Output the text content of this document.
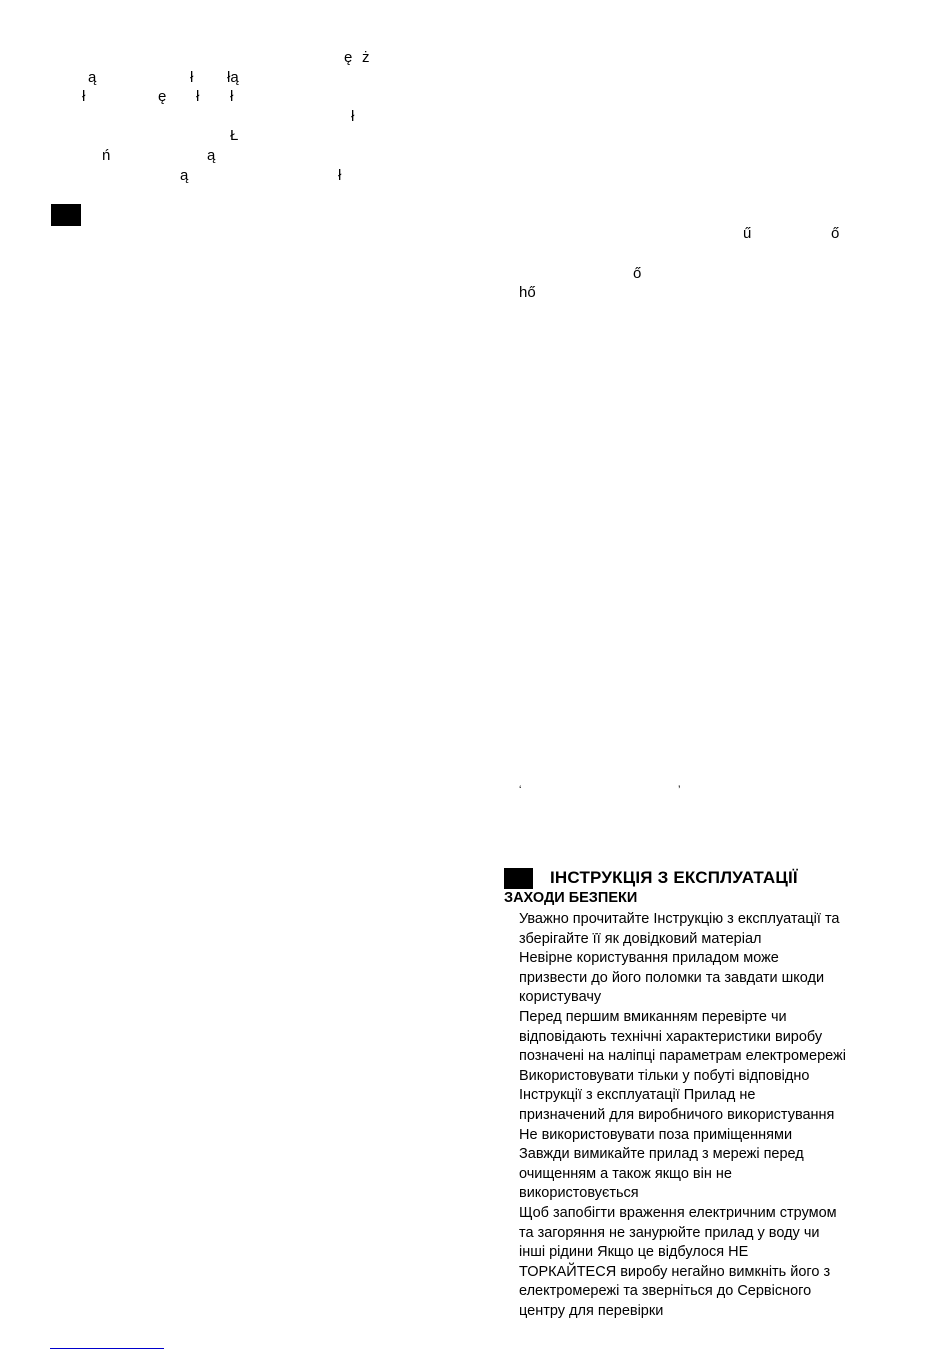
ę ż
ą	ł łą
ł	ę ł ł
ł
Ł
ń	ą
ą	ł
ű	ő
ő
hő
‘	’
ІНСТРУКЦІЯ З ЕКСПЛУАТАЦІЇ
ЗАХОДИ БЕЗПЕКИ
Уважно прочитайте Інструкцію з експлуатації та
зберігайте її як довідковий матеріал
Невірне користування приладом може
призвести до його поломки та завдати шкоди
користувачу
Перед першим вмиканням перевірте чи
відповідають технічні характеристики виробу
позначені на наліпці параметрам електромережі
Використовувати тільки у побуті відповідно
Інструкції з експлуатації Прилад не
призначений для виробничого використування
Не використовувати поза приміщеннями
Завжди вимикайте прилад з мережі перед
очищенням а також якщо він не
використовується
Щоб запобігти враження електричним струмом
та загоряння не занурюйте прилад у воду чи
інші рідини Якщо це відбулося НЕ
ТОРКАЙТЕСЯ виробу негайно вимкніть його з
електромережі та зверніться до Сервісного
центру для перевірки
